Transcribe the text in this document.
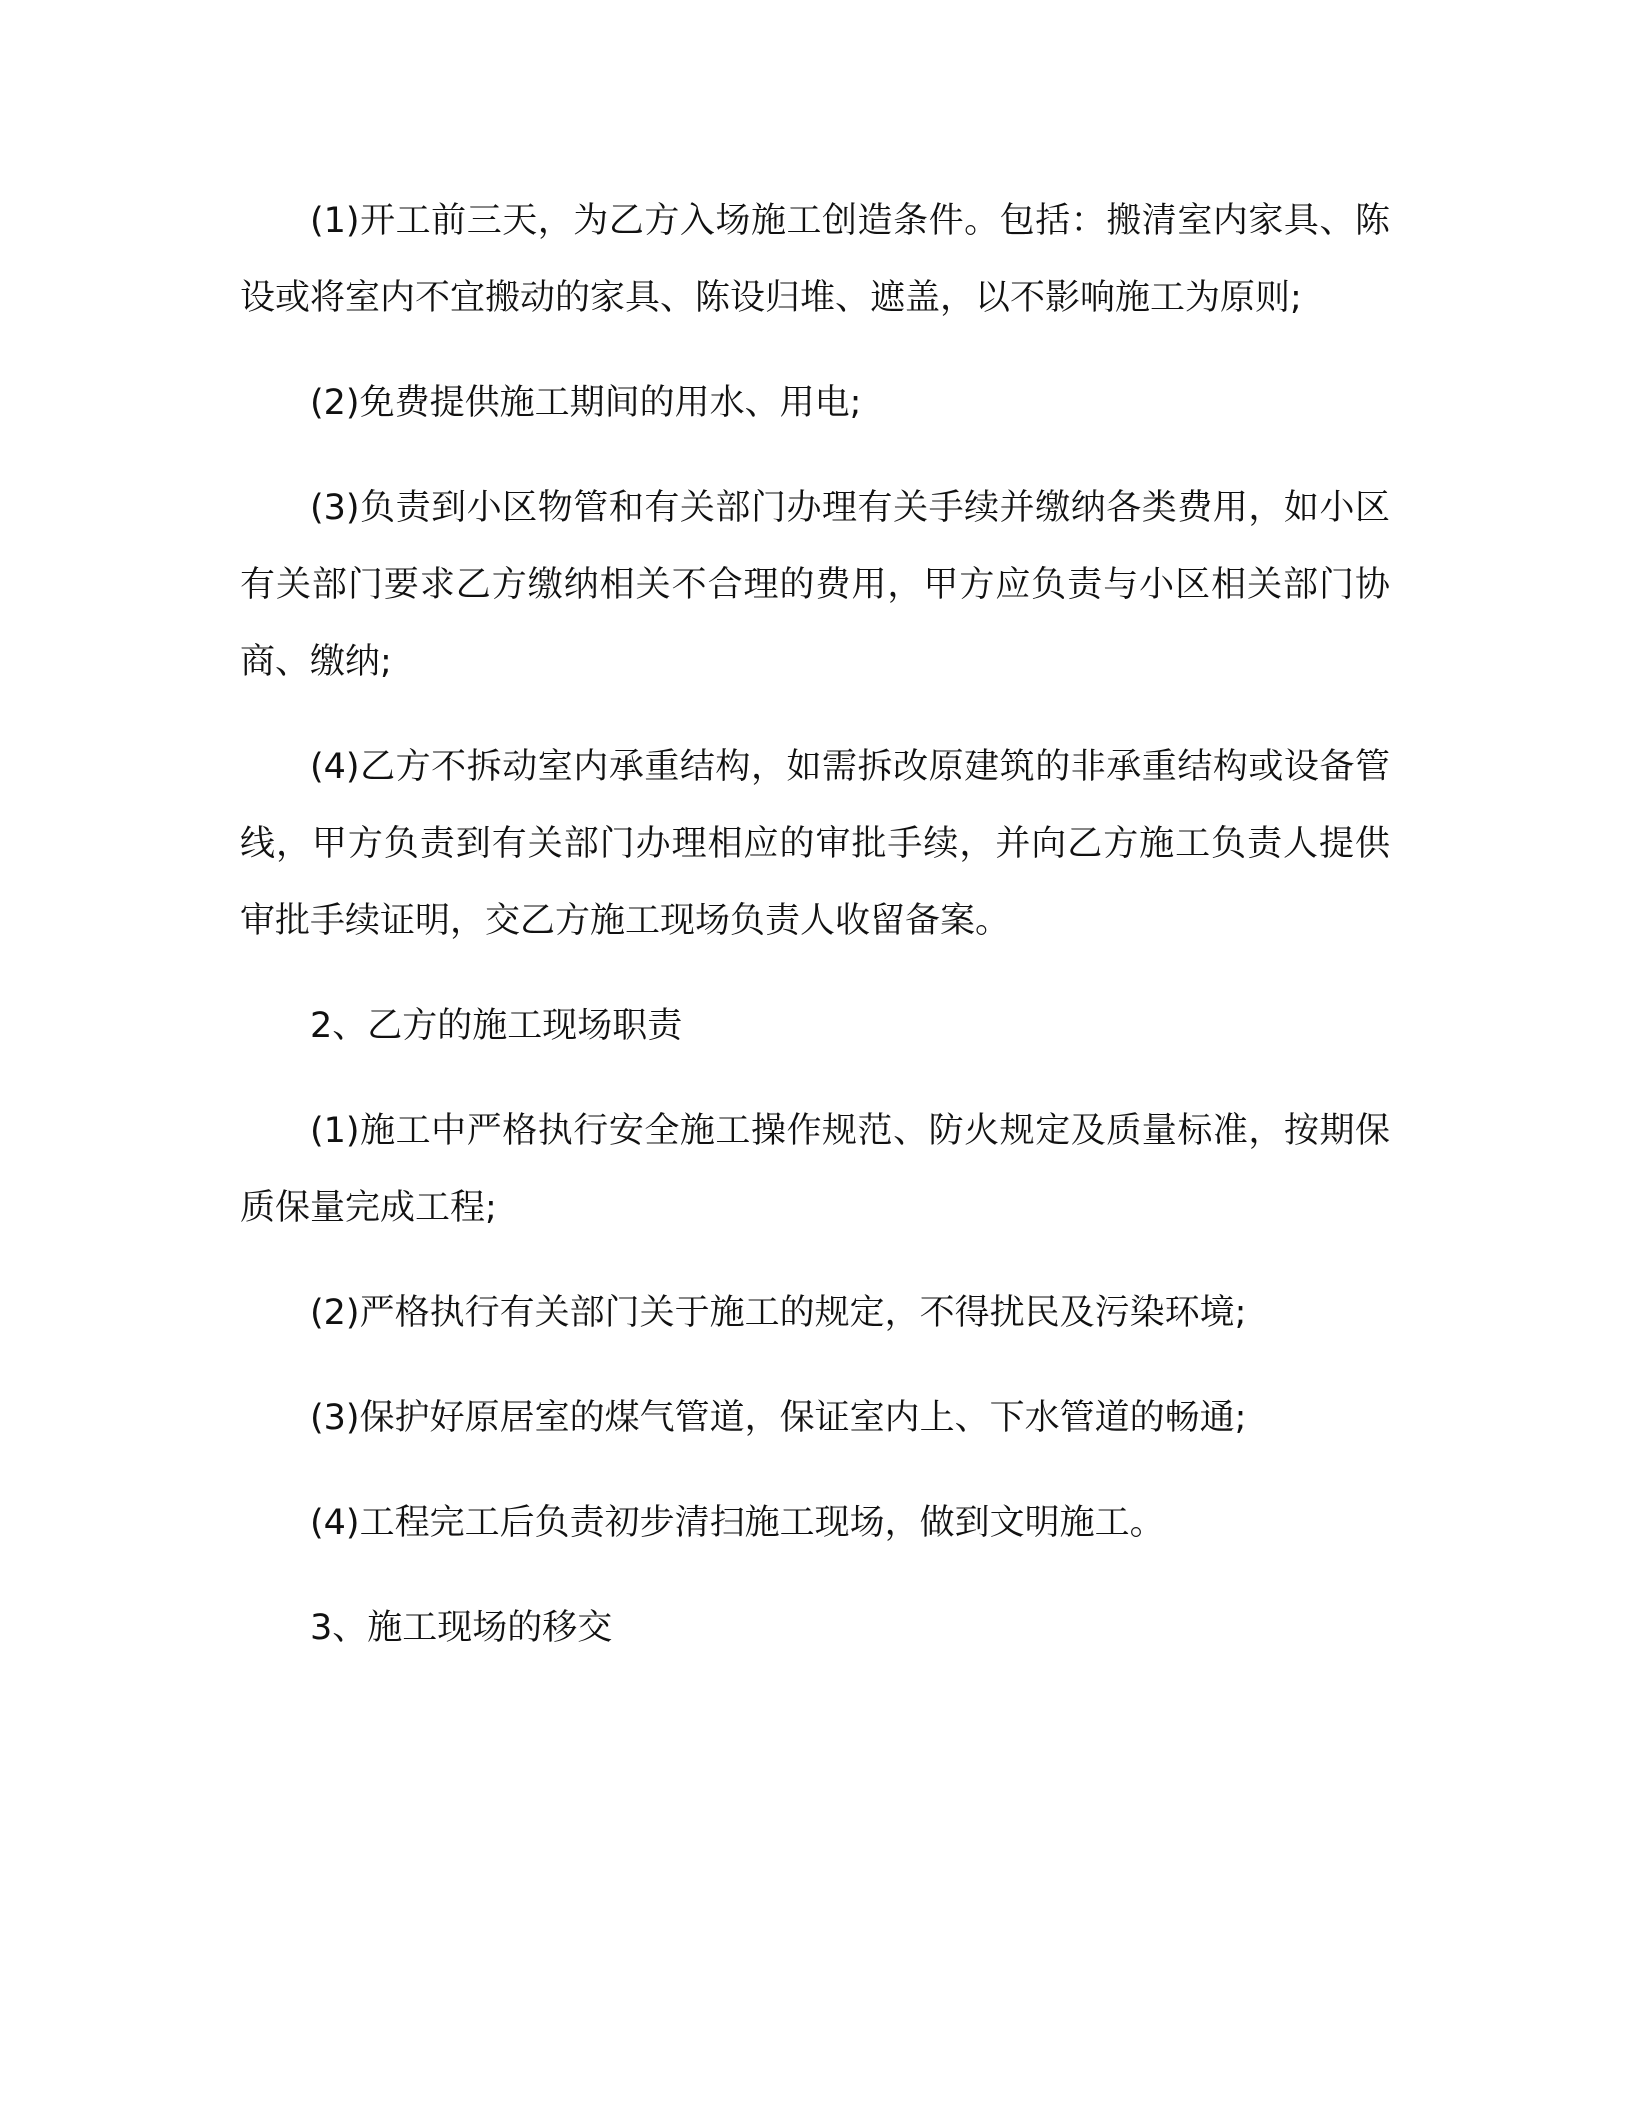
(1)开工前三天，为乙方入场施工创造条件。包括：搬清室内家具、陈设或将室内不宜搬动的家具、陈设归堆、遮盖，以不影响施工为原则;

(2)免费提供施工期间的用水、用电;

(3)负责到小区物管和有关部门办理有关手续并缴纳各类费用，如小区有关部门要求乙方缴纳相关不合理的费用，甲方应负责与小区相关部门协商、缴纳;

(4)乙方不拆动室内承重结构，如需拆改原建筑的非承重结构或设备管线，甲方负责到有关部门办理相应的审批手续，并向乙方施工负责人提供审批手续证明，交乙方施工现场负责人收留备案。

2、乙方的施工现场职责

(1)施工中严格执行安全施工操作规范、防火规定及质量标准，按期保质保量完成工程;

(2)严格执行有关部门关于施工的规定，不得扰民及污染环境;

(3)保护好原居室的煤气管道，保证室内上、下水管道的畅通;

(4)工程完工后负责初步清扫施工现场，做到文明施工。

3、施工现场的移交
